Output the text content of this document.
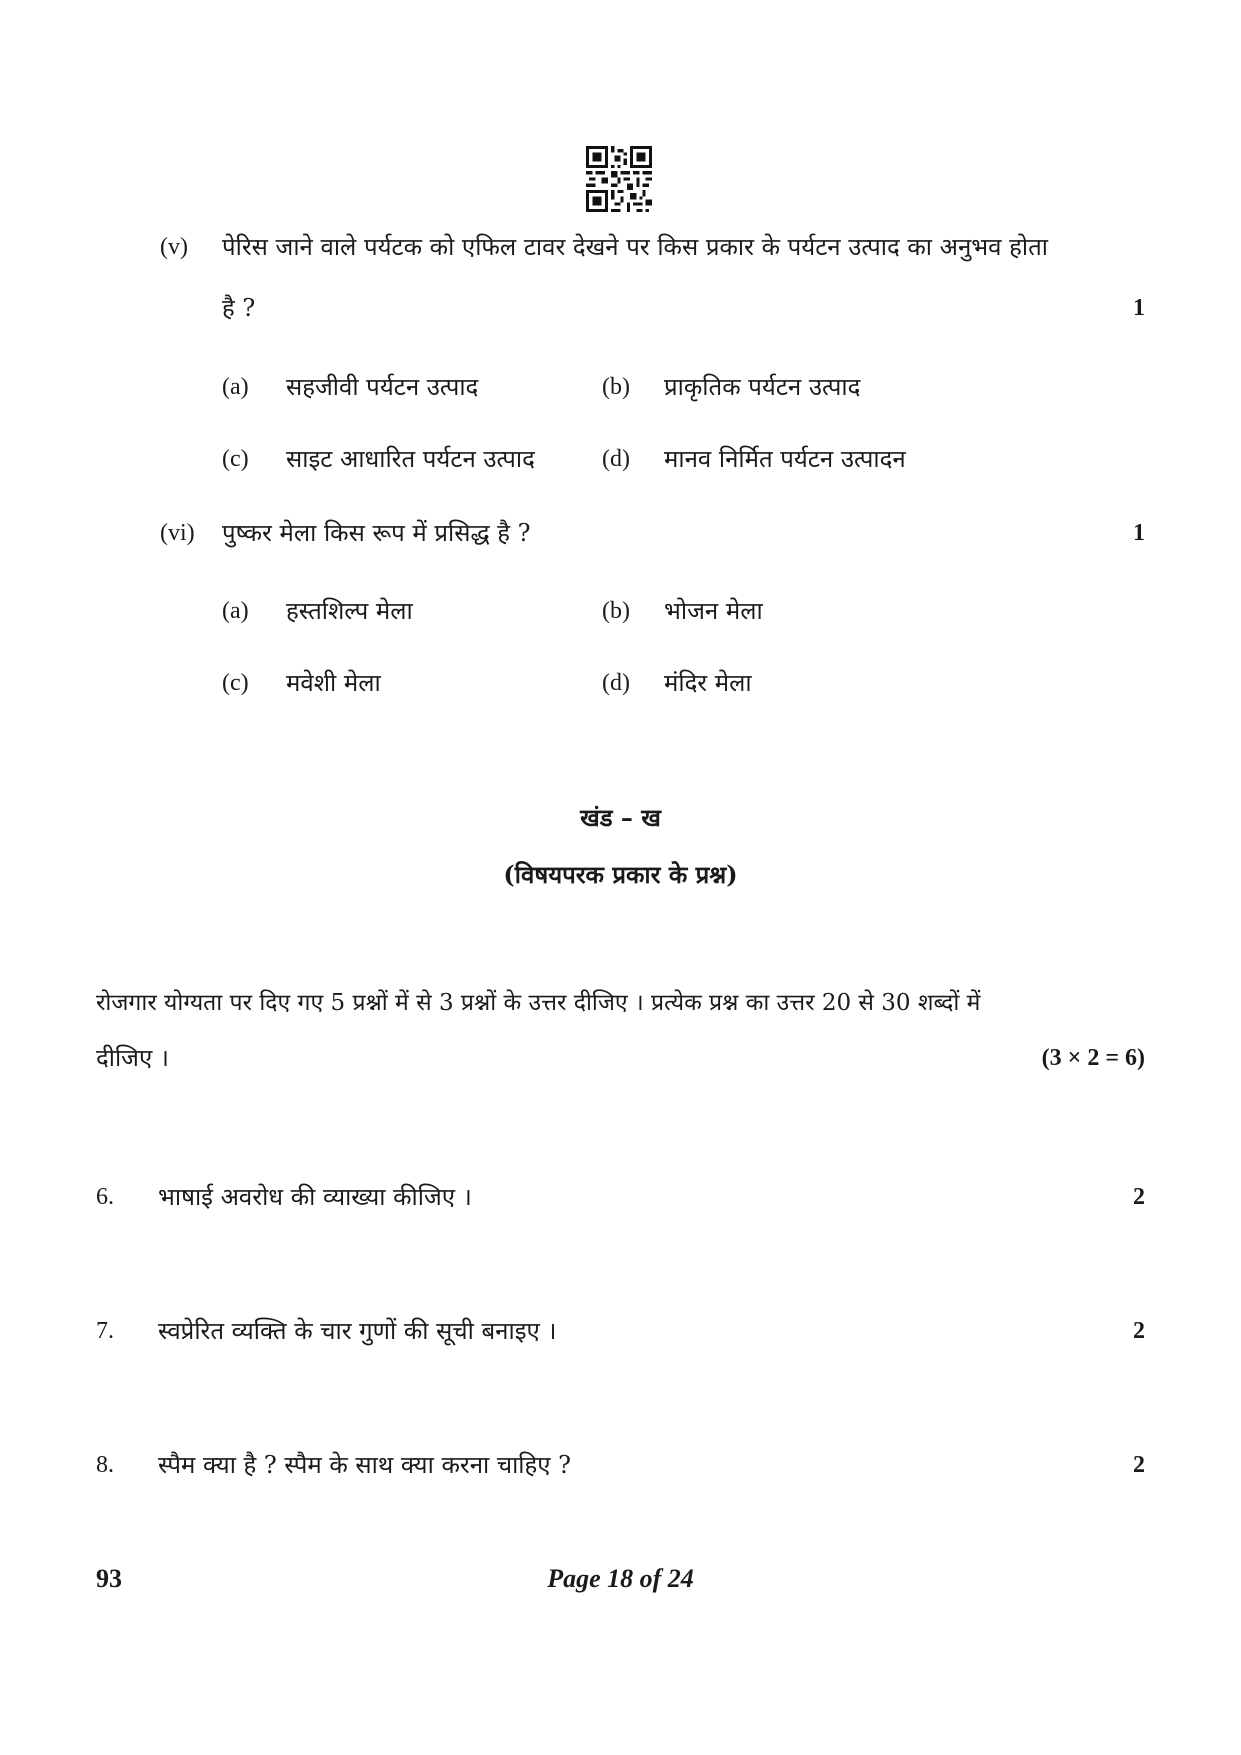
(v) पेरिस जाने वाले पर्यटक को एफिल टावर देखने पर किस प्रकार के पर्यटन उत्पाद का अनुभव होता
है ?	1
(a) सहजीवी पर्यटन उत्पाद	(b) प्राकृतिक पर्यटन उत्पाद
(c) साइट आधारित पर्यटन उत्पाद	(d) मानव निर्मित पर्यटन उत्पादन
(vi) पुष्कर मेला किस रूप में प्रसिद्ध है ?	1
(a) हस्तशिल्प मेला	(b) भोजन मेला
(c) मवेशी मेला	(d) मंदिर मेला
खंड – ख
(विषयपरक प्रकार के प्रश्न)
रोजगार योग्यता पर दिए गए 5 प्रश्नों में से 3 प्रश्नों के उत्तर दीजिए । प्रत्येक प्रश्न का उत्तर 20 से 30 शब्दों में
दीजिए ।	(3 × 2 = 6)
6. भाषाई अवरोध की व्याख्या कीजिए ।	2
7. स्वप्रेरित व्यक्ति के चार गुणों की सूची बनाइए ।	2
8. स्पैम क्या है ? स्पैम के साथ क्या करना चाहिए ?	2
93	Page 18 of 24
